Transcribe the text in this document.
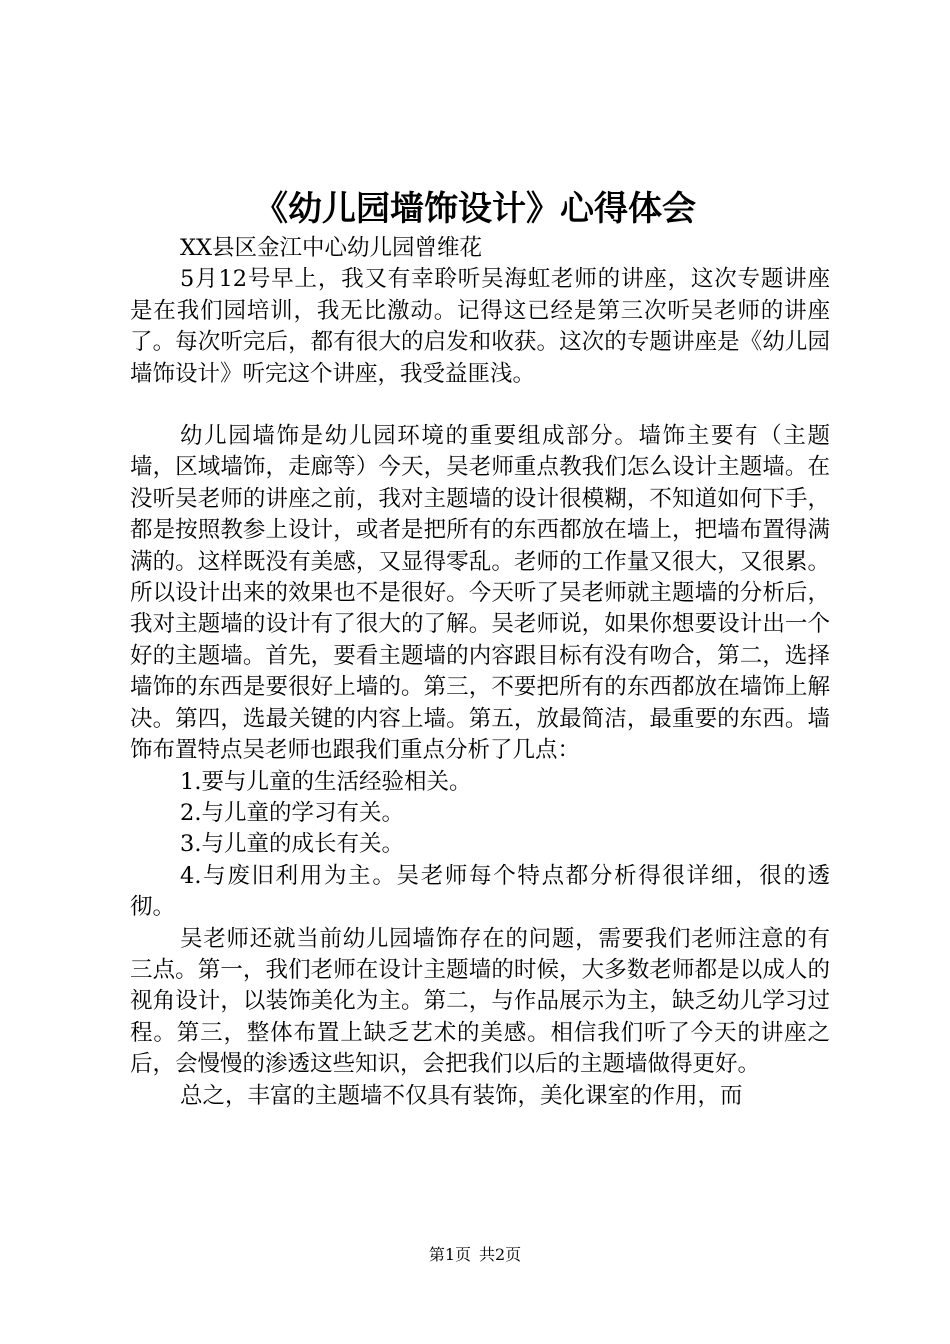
《幼儿园墙饰设计》心得体会

XX县区金江中心幼儿园曾维花

5月12号早上，我又有幸聆听吴海虹老师的讲座，这次专题讲座是在我们园培训，我无比激动。记得这已经是第三次听吴老师的讲座了。每次听完后，都有很大的启发和收获。这次的专题讲座是《幼儿园墙饰设计》听完这个讲座，我受益匪浅。

幼儿园墙饰是幼儿园环境的重要组成部分。墙饰主要有（主题墙，区域墙饰，走廊等）今天，吴老师重点教我们怎么设计主题墙。在没听吴老师的讲座之前，我对主题墙的设计很模糊，不知道如何下手，都是按照教参上设计，或者是把所有的东西都放在墙上，把墙布置得满满的。这样既没有美感，又显得零乱。老师的工作量又很大，又很累。所以设计出来的效果也不是很好。今天听了吴老师就主题墙的分析后，我对主题墙的设计有了很大的了解。吴老师说，如果你想要设计出一个好的主题墙。首先，要看主题墙的内容跟目标有没有吻合，第二，选择墙饰的东西是要很好上墙的。第三，不要把所有的东西都放在墙饰上解决。第四，选最关键的内容上墙。第五，放最简洁，最重要的东西。墙饰布置特点吴老师也跟我们重点分析了几点：

1.要与儿童的生活经验相关。

2.与儿童的学习有关。

3.与儿童的成长有关。

4.与废旧利用为主。吴老师每个特点都分析得很详细，很的透彻。

吴老师还就当前幼儿园墙饰存在的问题，需要我们老师注意的有三点。第一，我们老师在设计主题墙的时候，大多数老师都是以成人的视角设计，以装饰美化为主。第二，与作品展示为主，缺乏幼儿学习过程。第三，整体布置上缺乏艺术的美感。相信我们听了今天的讲座之后，会慢慢的渗透这些知识，会把我们以后的主题墙做得更好。

总之，丰富的主题墙不仅具有装饰，美化课室的作用，而

第1页 共2页
